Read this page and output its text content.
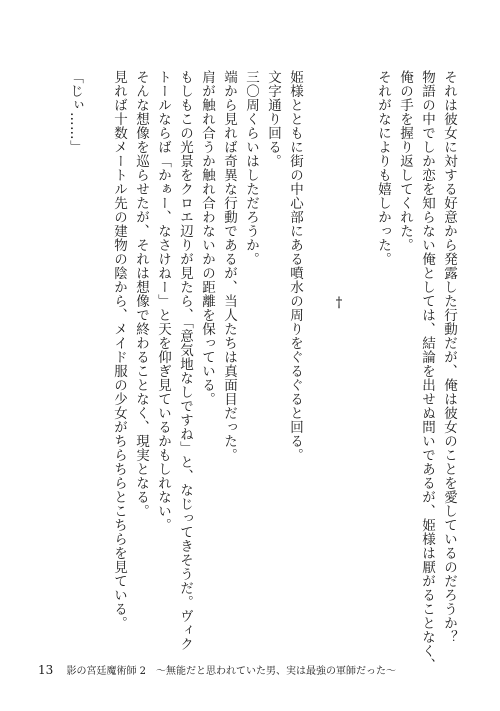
それは彼女に対する好意から発露した行動だが、俺は彼女のことを愛しているのだろうか？
物語の中でしか恋を知らない俺としては、結論を出せぬ問いであるが、姫様は厭がることなく、
俺の手を握り返してくれた。
それがなによりも嬉しかった。
†
姫様とともに街の中心部にある噴水の周りをぐるぐると回る。
文字通り回る。
三〇周くらいはしただろうか。
端から見れば奇異な行動であるが、当人たちは真面目だった。
肩が触れ合うか触れ合わないかの距離を保っている。
もしもこの光景をクロエ辺りが見たら、「意気地なしですね」と、なじってきそうだ。ヴィク
トールならば「かぁー、なさけねー」と天を仰ぎ見ているかもしれない。
そんな想像を巡らせたが、それは想像で終わることなく、現実となる。
見れば十数メートル先の建物の陰から、メイド服の少女がちらちらとこちらを見ている。
「じぃ……」
13 影の宮廷魔術師 2　～無能だと思われていた男、実は最強の軍師だった～
